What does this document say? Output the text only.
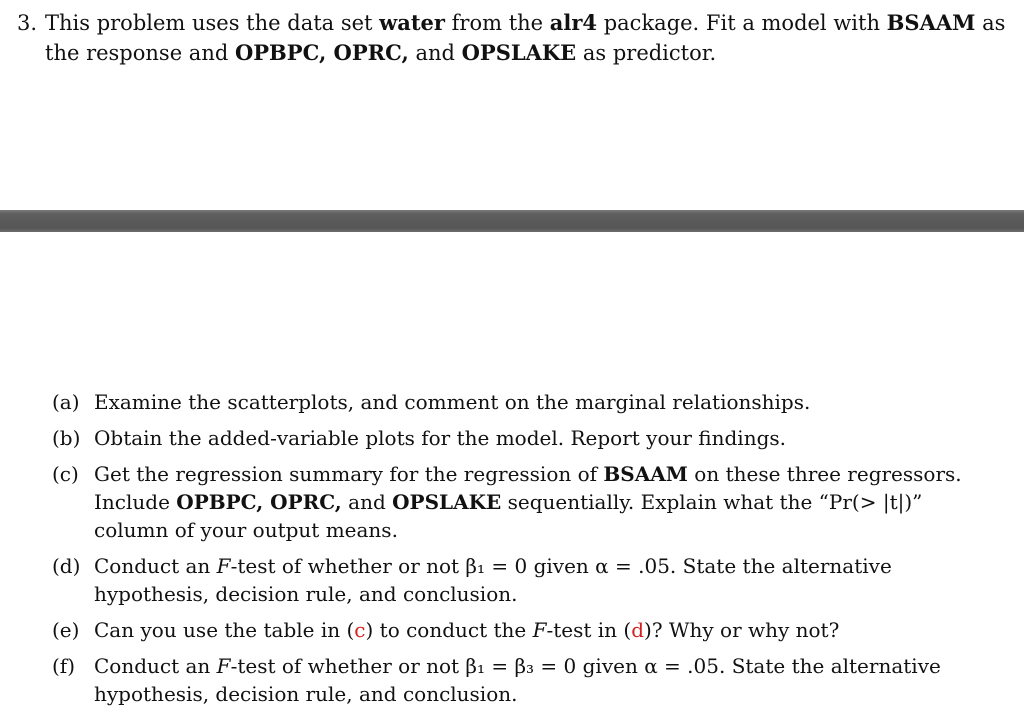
3. This problem uses the data set water from the alr4 package. Fit a model with BSAAM as
the response and OPBPC, OPRC, and OPSLAKE as predictor.
(a) Examine the scatterplots, and comment on the marginal relationships.
(b) Obtain the added-variable plots for the model. Report your findings.
(c) Get the regression summary for the regression of BSAAM on these three regressors. Include OPBPC, OPRC, and OPSLAKE sequentially. Explain what the “Pr(> |t|)” column of your output means.
(d) Conduct an F-test of whether or not β₁ = 0 given α = .05. State the alternative hypothesis, decision rule, and conclusion.
(e) Can you use the table in (c) to conduct the F-test in (d)? Why or why not?
(f) Conduct an F-test of whether or not β₁ = β₃ = 0 given α = .05. State the alternative hypothesis, decision rule, and conclusion.
